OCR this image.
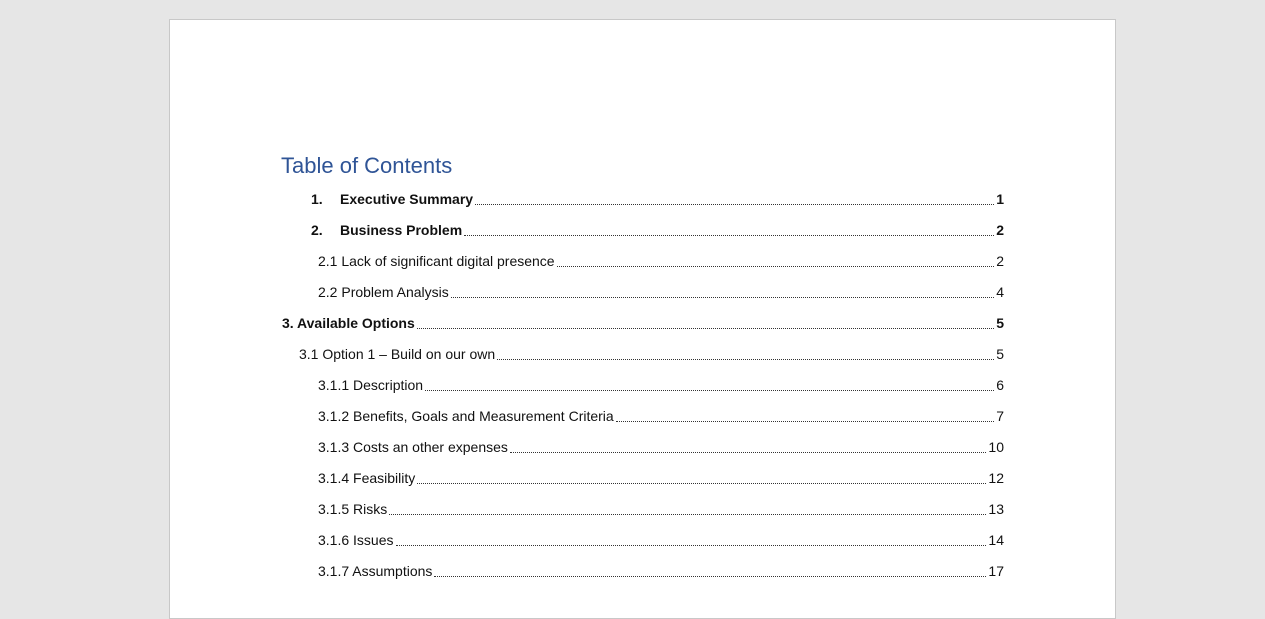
Table of Contents
1.	Executive Summary	1
2.	Business Problem	2
2.1 Lack of significant digital presence	2
2.2 Problem Analysis	4
3. Available Options	5
3.1 Option 1 – Build on our own	5
3.1.1 Description	6
3.1.2 Benefits, Goals and Measurement Criteria	7
3.1.3 Costs an other expenses	10
3.1.4 Feasibility	12
3.1.5 Risks	13
3.1.6 Issues	14
3.1.7 Assumptions	17
